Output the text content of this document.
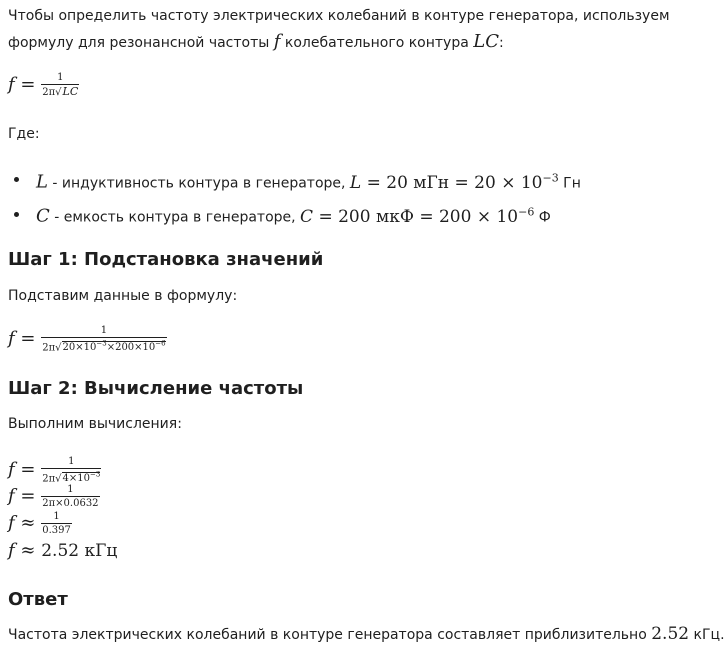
Чтобы определить частоту электрических колебаний в контуре генератора, используем
формулу для резонансной частоты f колебательного контура LC:
$f = \frac{1}{2\pi√LC}$
Где:
L - индуктивность контура в генераторе, L = 20 мГн = $20 \times 10^{-3}$ Гн
C - емкость контура в генераторе, C = 200 мкФ = $200 \times 10^{-6}$ Ф
Шаг 1: Подстановка значений
Подставим данные в формулу:
$f = \frac{1}{2\pi√20\times 10^{-3}\times 200\times 10^{-6}}$
Шаг 2: Вычисление частоты
Выполним вычисления:
$f = \frac{1}{2\pi√4\times 10^{-3}}$
$f = \frac{1}{2\pi\times 0.0632}$
$f \approx \frac{1}{0.397}$
f ≈ 2.52 кГц
Ответ
Частота электрических колебаний в контуре генератора составляет приблизительно 2.52 кГц.
